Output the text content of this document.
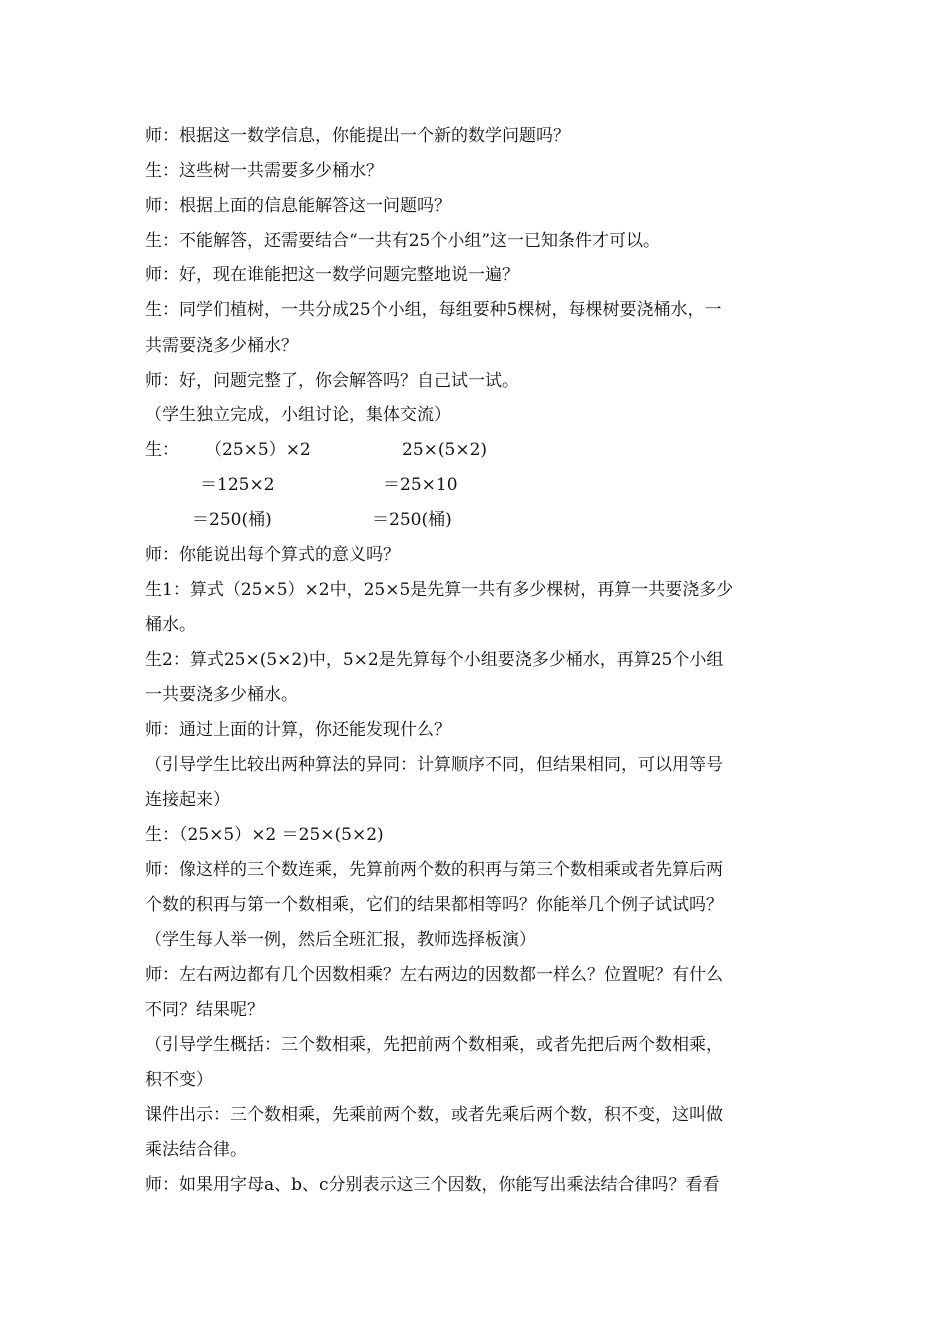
师：根据这一数学信息，你能提出一个新的数学问题吗？
生：这些树一共需要多少桶水？
师：根据上面的信息能解答这一问题吗？
生：不能解答，还需要结合“一共有25个小组”这一已知条件才可以。
师：好，现在谁能把这一数学问题完整地说一遍？
生：同学们植树，一共分成25个小组，每组要种5棵树，每棵树要浇桶水，一
共需要浇多少桶水？
师：好，问题完整了，你会解答吗？自己试一试。
（学生独立完成，小组讨论，集体交流）
生： （25×5）×2	25×(5×2)
＝125×2	＝25×10
＝250(桶)	＝250(桶)
师：你能说出每个算式的意义吗？
生1：算式（25×5）×2中，25×5是先算一共有多少棵树，再算一共要浇多少
桶水。
生2：算式25×(5×2)中，5×2是先算每个小组要浇多少桶水，再算25个小组
一共要浇多少桶水。
师：通过上面的计算，你还能发现什么？
（引导学生比较出两种算法的异同：计算顺序不同，但结果相同，可以用等号
连接起来）
生：（25×5）×2 ＝25×(5×2)
师：像这样的三个数连乘，先算前两个数的积再与第三个数相乘或者先算后两
个数的积再与第一个数相乘，它们的结果都相等吗？你能举几个例子试试吗？
（学生每人举一例，然后全班汇报，教师选择板演）
师：左右两边都有几个因数相乘？左右两边的因数都一样么？位置呢？有什么
不同？结果呢？
（引导学生概括：三个数相乘，先把前两个数相乘，或者先把后两个数相乘，
积不变）
课件出示：三个数相乘，先乘前两个数，或者先乘后两个数，积不变，这叫做
乘法结合律。
师：如果用字母a、b、c分别表示这三个因数，你能写出乘法结合律吗？看看
